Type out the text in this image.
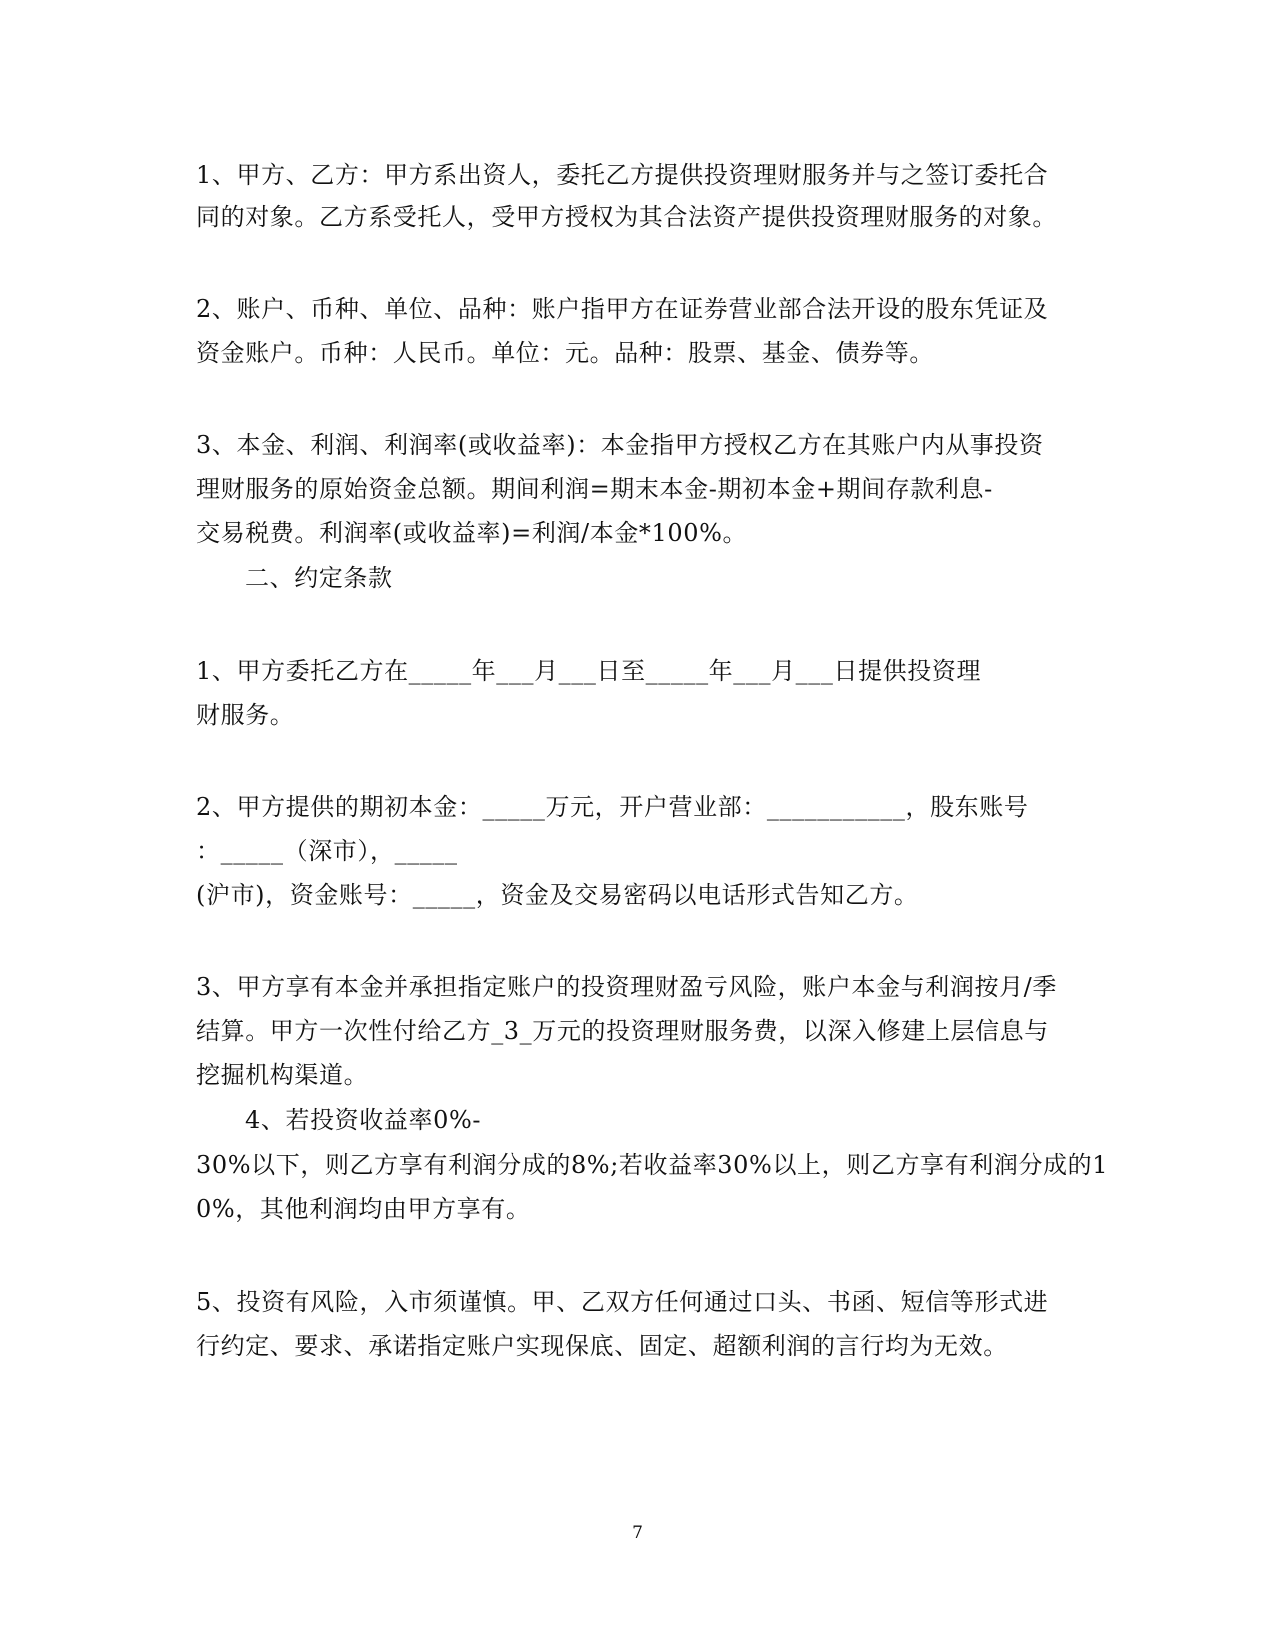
1、甲方、乙方：甲方系出资人，委托乙方提供投资理财服务并与之签订委托合
同的对象。乙方系受托人，受甲方授权为其合法资产提供投资理财服务的对象。
2、账户、币种、单位、品种：账户指甲方在证券营业部合法开设的股东凭证及
资金账户。币种：人民币。单位：元。品种：股票、基金、债券等。
3、本金、利润、利润率(或收益率)：本金指甲方授权乙方在其账户内从事投资
理财服务的原始资金总额。期间利润=期末本金-期初本金+期间存款利息-
交易税费。利润率(或收益率)=利润/本金*100%。
二、约定条款
1、甲方委托乙方在_____年___月___日至_____年___月___日提供投资理
财服务。
2、甲方提供的期初本金：_____万元，开户营业部：___________，股东账号
：_____（深市），_____
(沪市)，资金账号：_____，资金及交易密码以电话形式告知乙方。
3、甲方享有本金并承担指定账户的投资理财盈亏风险，账户本金与利润按月/季
结算。甲方一次性付给乙方_3_万元的投资理财服务费，以深入修建上层信息与
挖掘机构渠道。
4、若投资收益率0%-
30%以下，则乙方享有利润分成的8%;若收益率30%以上，则乙方享有利润分成的1
0%，其他利润均由甲方享有。
5、投资有风险，入市须谨慎。甲、乙双方任何通过口头、书函、短信等形式进
行约定、要求、承诺指定账户实现保底、固定、超额利润的言行均为无效。
7
